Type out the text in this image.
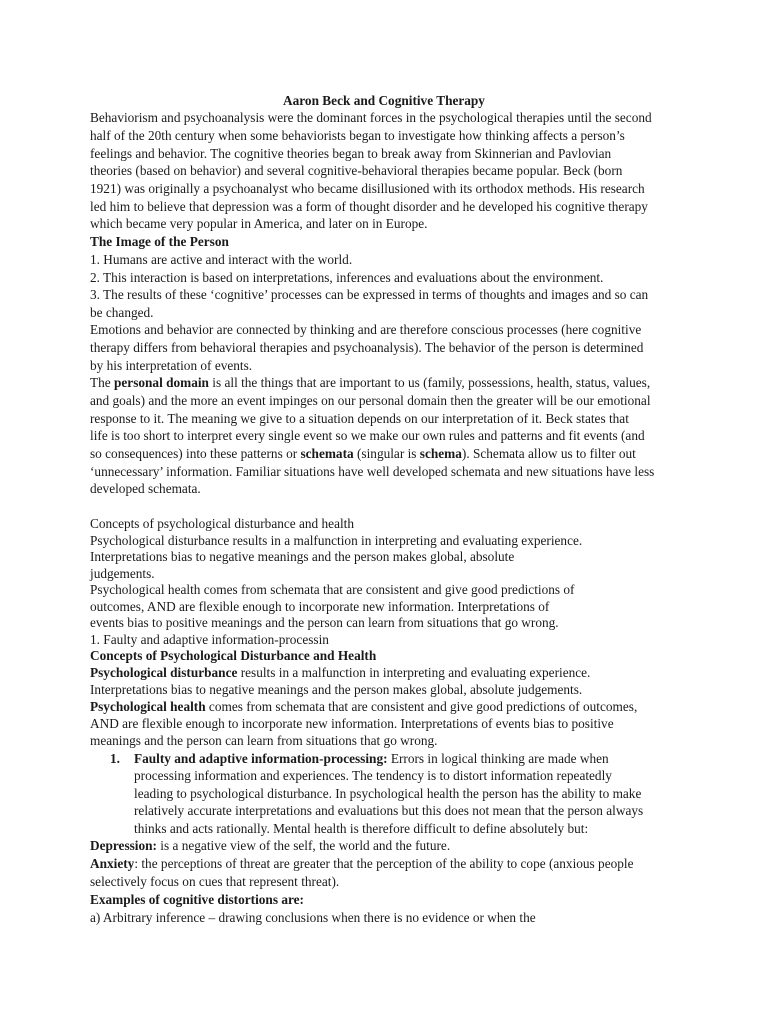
Aaron Beck and Cognitive Therapy
Behaviorism and psychoanalysis were the dominant forces in the psychological therapies until the second
half of the 20th century when some behaviorists began to investigate how thinking affects a person’s
feelings and behavior. The cognitive theories began to break away from Skinnerian and Pavlovian
theories (based on behavior) and several cognitive-behavioral therapies became popular. Beck (born
1921) was originally a psychoanalyst who became disillusioned with its orthodox methods. His research
led him to believe that depression was a form of thought disorder and he developed his cognitive therapy
which became very popular in America, and later on in Europe.
The Image of the Person
1. Humans are active and interact with the world.
2. This interaction is based on interpretations, inferences and evaluations about the environment.
3. The results of these ‘cognitive’ processes can be expressed in terms of thoughts and images and so can
be changed.
Emotions and behavior are connected by thinking and are therefore conscious processes (here cognitive
therapy differs from behavioral therapies and psychoanalysis). The behavior of the person is determined
by his interpretation of events.
The personal domain is all the things that are important to us (family, possessions, health, status, values,
and goals) and the more an event impinges on our personal domain then the greater will be our emotional
response to it. The meaning we give to a situation depends on our interpretation of it. Beck states that
life is too short to interpret every single event so we make our own rules and patterns and fit events (and
so consequences) into these patterns or schemata (singular is schema). Schemata allow us to filter out
‘unnecessary’ information. Familiar situations have well developed schemata and new situations have less
developed schemata.
Concepts of psychological disturbance and health
Psychological disturbance results in a malfunction in interpreting and evaluating experience.
Interpretations bias to negative meanings and the person makes global, absolute
judgements.
Psychological health comes from schemata that are consistent and give good predictions of
outcomes, AND are flexible enough to incorporate new information. Interpretations of
events bias to positive meanings and the person can learn from situations that go wrong.
1. Faulty and adaptive information-processin
Concepts of Psychological Disturbance and Health
Psychological disturbance results in a malfunction in interpreting and evaluating experience.
Interpretations bias to negative meanings and the person makes global, absolute judgements.
Psychological health comes from schemata that are consistent and give good predictions of outcomes,
AND are flexible enough to incorporate new information. Interpretations of events bias to positive
meanings and the person can learn from situations that go wrong.
1. Faulty and adaptive information-processing: Errors in logical thinking are made when
processing information and experiences. The tendency is to distort information repeatedly
leading to psychological disturbance. In psychological health the person has the ability to make
relatively accurate interpretations and evaluations but this does not mean that the person always
thinks and acts rationally. Mental health is therefore difficult to define absolutely but:
Depression: is a negative view of the self, the world and the future.
Anxiety: the perceptions of threat are greater that the perception of the ability to cope (anxious people
selectively focus on cues that represent threat).
Examples of cognitive distortions are:
a) Arbitrary inference – drawing conclusions when there is no evidence or when the
